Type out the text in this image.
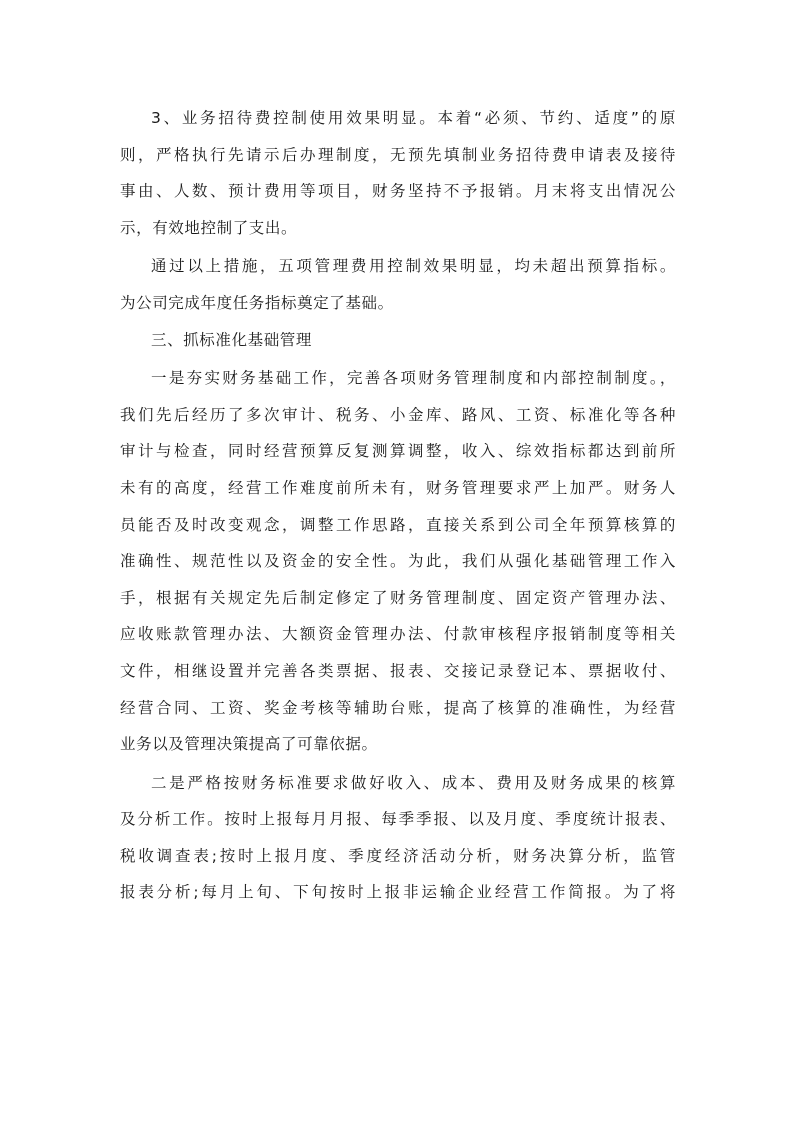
3、业务招待费控制使用效果明显。本着“必须、节约、适度”的原
则，严格执行先请示后办理制度，无预先填制业务招待费申请表及接待
事由、人数、预计费用等项目，财务坚持不予报销。月末将支出情况公
示，有效地控制了支出。
通过以上措施，五项管理费用控制效果明显，均未超出预算指标。
为公司完成年度任务指标奠定了基础。
三、抓标准化基础管理
一是夯实财务基础工作，完善各项财务管理制度和内部控制制度。，
我们先后经历了多次审计、税务、小金库、路风、工资、标准化等各种
审计与检查，同时经营预算反复测算调整，收入、综效指标都达到前所
未有的高度，经营工作难度前所未有，财务管理要求严上加严。财务人
员能否及时改变观念，调整工作思路，直接关系到公司全年预算核算的
准确性、规范性以及资金的安全性。为此，我们从强化基础管理工作入
手，根据有关规定先后制定修定了财务管理制度、固定资产管理办法、
应收账款管理办法、大额资金管理办法、付款审核程序报销制度等相关
文件，相继设置并完善各类票据、报表、交接记录登记本、票据收付、
经营合同、工资、奖金考核等辅助台账，提高了核算的准确性，为经营
业务以及管理决策提高了可靠依据。
二是严格按财务标准要求做好收入、成本、费用及财务成果的核算
及分析工作。按时上报每月月报、每季季报、以及月度、季度统计报表、
税收调查表;按时上报月度、季度经济活动分析，财务决算分析，监管
报表分析;每月上旬、下旬按时上报非运输企业经营工作简报。为了将
